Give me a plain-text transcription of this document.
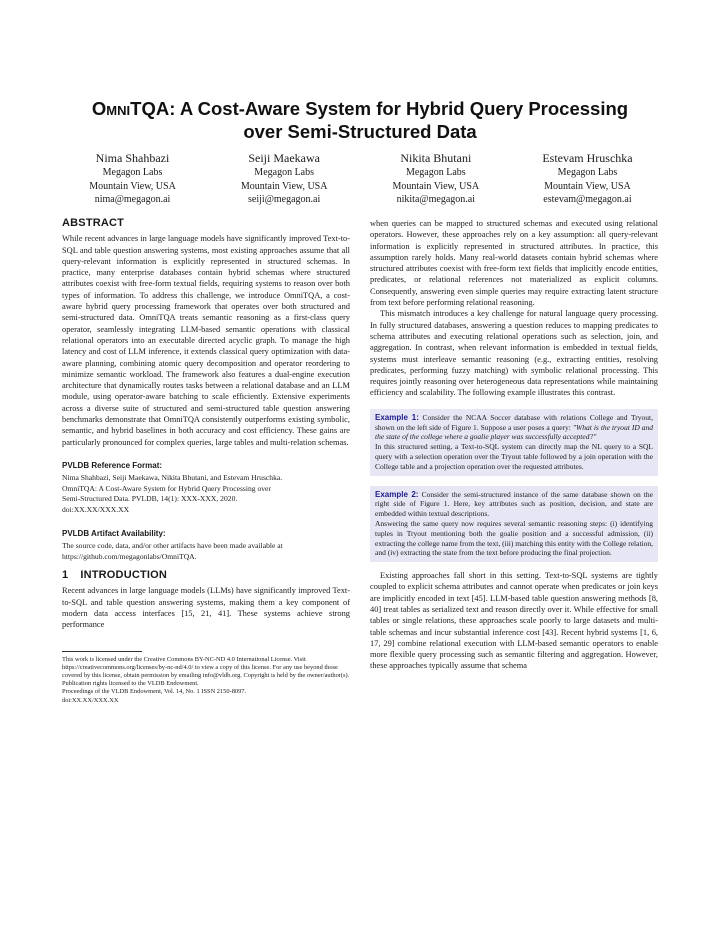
OmniTQA: A Cost-Aware System for Hybrid Query Processing
over Semi-Structured Data
Nima Shahbazi
Megagon Labs
Mountain View, USA
nima@megagon.ai
Seiji Maekawa
Megagon Labs
Mountain View, USA
seiji@megagon.ai
Nikita Bhutani
Megagon Labs
Mountain View, USA
nikita@megagon.ai
Estevam Hruschka
Megagon Labs
Mountain View, USA
estevam@megagon.ai
ABSTRACT

While recent advances in large language models have significantly improved Text-to-SQL and table question answering systems, most existing approaches assume that all query-relevant information is explicitly represented in structured schemas. In practice, many enterprise databases contain hybrid schemas where structured attributes coexist with free-form textual fields, requiring systems to reason over both types of information. To address this challenge, we introduce OmniTQA, a cost-aware hybrid query processing framework that operates over both structured and semi-structured data. OmniTQA treats semantic reasoning as a first-class query operator, seamlessly integrating LLM-based semantic operations with classical relational operators into an executable directed acyclic graph. To manage the high latency and cost of LLM inference, it extends classical query optimization with data-aware planning, combining atomic query decomposition and operator reordering to minimize semantic workload. The framework also features a dual-engine execution architecture that dynamically routes tasks between a relational database and an LLM module, using operator-aware batching to scale efficiently. Extensive experiments across a diverse suite of structured and semi-structured table question answering benchmarks demonstrate that OmniTQA consistently outperforms existing symbolic, semantic, and hybrid baselines in both accuracy and cost efficiency. These gains are particularly pronounced for complex queries, large tables and multi-relation schemas.

PVLDB Reference Format:
Nima Shahbazi, Seiji Maekawa, Nikita Bhutani, and Estevam Hruschka.
OmniTQA: A Cost-Aware System for Hybrid Query Processing over
Semi-Structured Data. PVLDB, 14(1): XXX-XXX, 2020.
doi:XX.XX/XXX.XX
PVLDB Artifact Availability:

The source code, data, and/or other artifacts have been made available at https://github.com/megagonlabs/OmniTQA.

1 INTRODUCTION

Recent advances in large language models (LLMs) have significantly improved Text-to-SQL and table question answering systems, making them a key component of modern data access interfaces [15, 21, 41]. These systems achieve strong performance

This work is licensed under the Creative Commons BY-NC-ND 4.0 International License. Visit https://creativecommons.org/licenses/by-nc-nd/4.0/ to view a copy of this license. For any use beyond those covered by this license, obtain permission by emailing info@vldb.org. Copyright is held by the owner/author(s). Publication rights licensed to the VLDB Endowment.
Proceedings of the VLDB Endowment, Vol. 14, No. 1 ISSN 2150-8097.
doi:XX.XX/XXX.XX

when queries can be mapped to structured schemas and executed using relational operators. However, these approaches rely on a key assumption: all query-relevant information is explicitly represented in structured attributes. In practice, this assumption rarely holds. Many real-world datasets contain hybrid schemas where structured attributes coexist with free-form text fields that implicitly encode entities, predicates, or relational references not materialized as explicit columns. Consequently, answering even simple queries may require extracting latent structure from text before performing relational reasoning.

This mismatch introduces a key challenge for natural language query processing. In fully structured databases, answering a question reduces to mapping predicates to schema attributes and executing relational operations such as selection, join, and aggregation. In contrast, when relevant information is embedded in textual fields, systems must interleave semantic reasoning (e.g., extracting entities, resolving predicates, performing fuzzy matching) with symbolic relational processing. This requires jointly reasoning over heterogeneous data representations while maintaining efficiency and scalability. The following example illustrates this contrast.

Example 1: Consider the NCAA Soccer database with relations College and Tryout, shown on the left side of Figure 1. Suppose a user poses a query: "What is the tryout ID and the state of the college where a goalie player was successfully accepted?"
In this structured setting, a Text-to-SQL system can directly map the NL query to a SQL query with a selection operation over the Tryout table followed by a join operation with the College table and a projection operation over the requested attributes.
Example 2: Consider the semi-structured instance of the same database shown on the right side of Figure 1. Here, key attributes such as position, decision, and state are embedded within textual descriptions.
Answering the same query now requires several semantic reasoning steps: (i) identifying tuples in Tryout mentioning both the goalie position and a successful admission, (ii) extracting the college name from the text, (iii) matching this entity with the College relation, and (iv) extracting the state from the text before producing the final projection.

Existing approaches fall short in this setting. Text-to-SQL systems are tightly coupled to explicit schema attributes and cannot operate when predicates or join keys are implicitly encoded in text [45]. LLM-based table question answering methods [8, 40] treat tables as serialized text and reason directly over it. While effective for small tables or single relations, these approaches scale poorly to large datasets and multi-table schemas and incur substantial inference cost [43]. Recent hybrid systems [1, 6, 17, 29] combine relational execution with LLM-based semantic operators to enable more flexible query processing such as semantic filtering and aggregation. However, these approaches typically assume that schema
